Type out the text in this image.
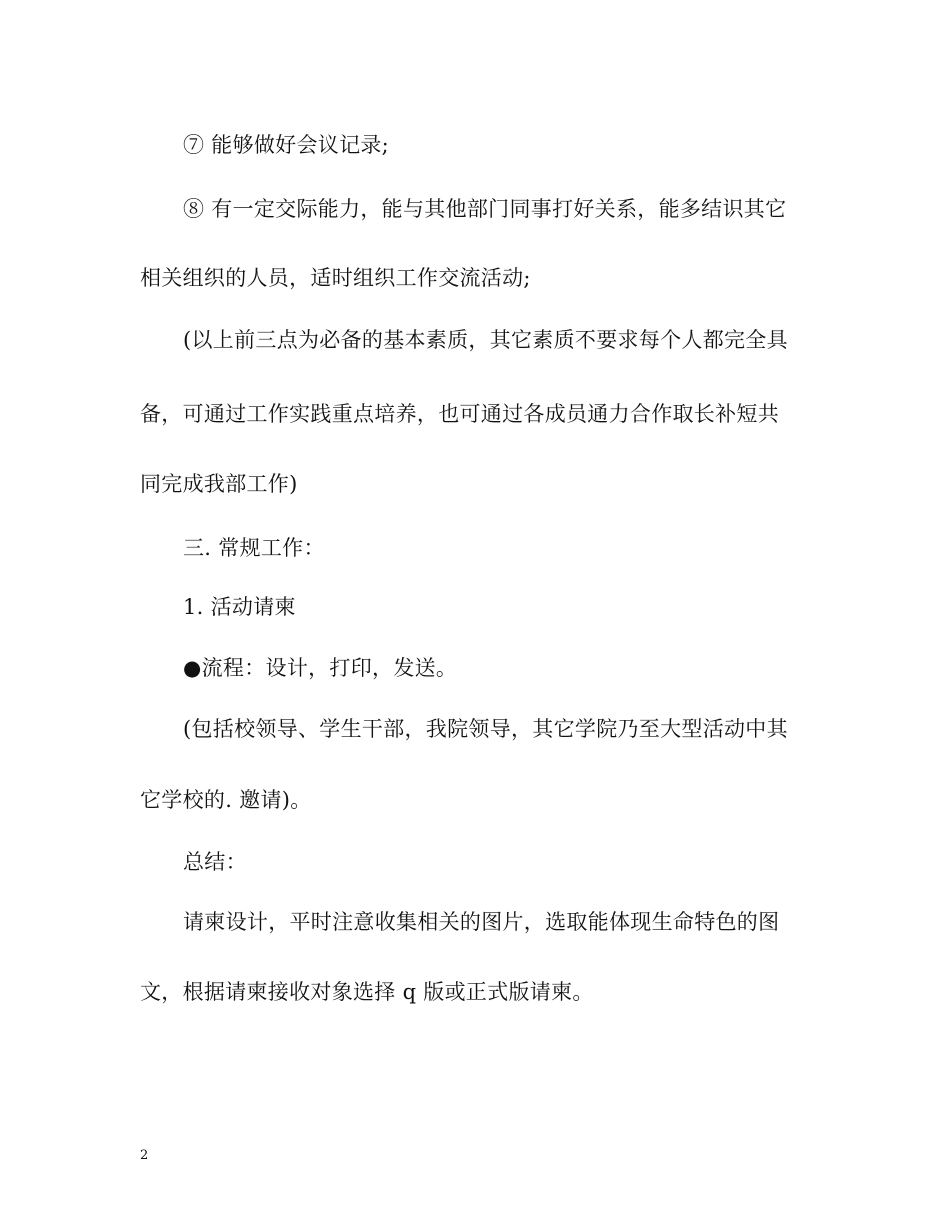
⑦ 能够做好会议记录;
⑧ 有一定交际能力，能与其他部门同事打好关系，能多结识其它
相关组织的人员，适时组织工作交流活动;
(以上前三点为必备的基本素质，其它素质不要求每个人都完全具
备，可通过工作实践重点培养，也可通过各成员通力合作取长补短共
同完成我部工作)
三. 常规工作：
1. 活动请柬
●流程：设计，打印，发送。
(包括校领导、学生干部，我院领导，其它学院乃至大型活动中其
它学校的. 邀请)。
总结：
请柬设计，平时注意收集相关的图片，选取能体现生命特色的图
文，根据请柬接收对象选择 q 版或正式版请柬。
2
